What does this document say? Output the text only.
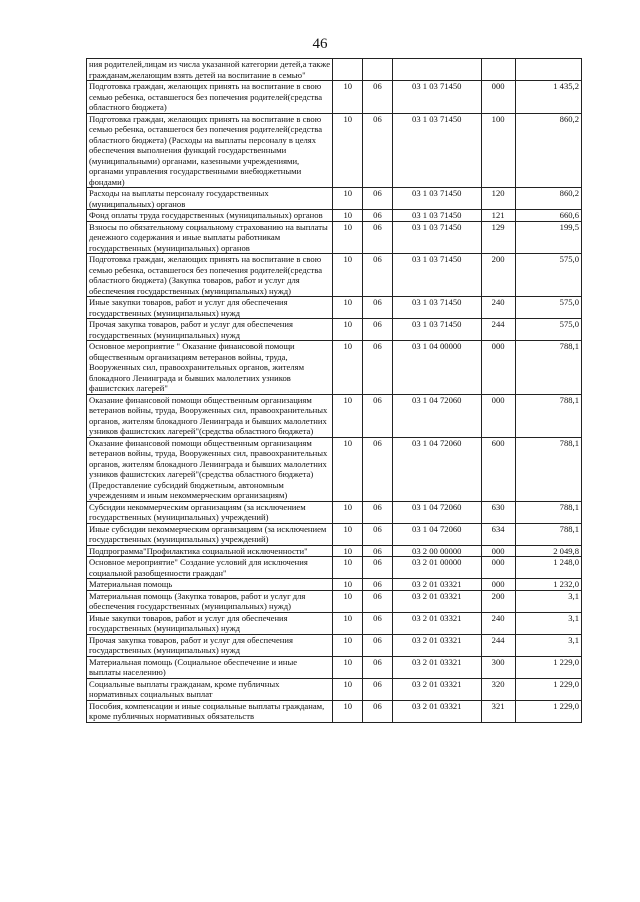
46
ния родителей,лицам из числа указанной категории детей,а также гражданам,желающим взять детей на воспитание в семью"					
Подготовка граждан, желающих принять на воспитание в свою семью ребенка, оставшегося без попечения родителей(средства областного бюджета)	10	06	03 1 03 71450	000	1 435,2
Подготовка граждан, желающих принять на воспитание в свою семью ребенка, оставшегося без попечения родителей(средства областного бюджета) (Расходы на выплаты персоналу в целях обеспечения выполнения функций государственными (муниципальными) органами, казенными учреждениями, органами управления государственными внебюджетными фондами)	10	06	03 1 03 71450	100	860,2
Расходы на выплаты персоналу государственных (муниципальных) органов	10	06	03 1 03 71450	120	860,2
Фонд оплаты труда государственных (муниципальных) органов	10	06	03 1 03 71450	121	660,6
Взносы по обязательному социальному страхованию на выплаты денежного содержания и иные выплаты работникам государственных (муниципальных) органов	10	06	03 1 03 71450	129	199,5
Подготовка граждан, желающих принять на воспитание в свою семью ребенка, оставшегося без попечения родителей(средства областного бюджета) (Закупка товаров, работ и услуг для обеспечения государственных (муниципальных) нужд)	10	06	03 1 03 71450	200	575,0
Иные закупки товаров, работ и услуг для обеспечения государственных (муниципальных) нужд	10	06	03 1 03 71450	240	575,0
Прочая закупка товаров, работ и услуг для обеспечения государственных (муниципальных) нужд	10	06	03 1 03 71450	244	575,0
Основное мероприятие " Оказание финансовой помощи общественным организациям ветеранов войны, труда, Вооруженных сил, правоохранительных органов, жителям блокадного Ленинграда и бывших малолетних узников фашистских лагерей"	10	06	03 1 04 00000	000	788,1
Оказание финансовой помощи общественным организациям ветеранов войны, труда, Вооруженных сил, правоохранительных органов, жителям блокадного Ленинграда и бывших малолетних узников фашистских лагерей"(средства областного бюджета)	10	06	03 1 04 72060	000	788,1
Оказание финансовой помощи общественным организациям ветеранов войны, труда, Вооруженных сил, правоохранительных органов, жителям блокадного Ленинграда и бывших малолетних узников фашистских лагерей"(средства областного бюджета) (Предоставление субсидий бюджетным, автономным учреждениям и иным некоммерческим организациям)	10	06	03 1 04 72060	600	788,1
Субсидии некоммерческим организациям (за исключением государственных (муниципальных) учреждений)	10	06	03 1 04 72060	630	788,1
Иные субсидии некоммерческим организациям (за исключением государственных (муниципальных) учреждений)	10	06	03 1 04 72060	634	788,1
Подпрограмма"Профилактика социальной исключенности"	10	06	03 2 00 00000	000	2 049,8
Основное мероприятие" Создание условий для исключения социальной разобщенности граждан"	10	06	03 2 01 00000	000	1 248,0
Материальная помощь	10	06	03 2 01 03321	000	1 232,0
Материальная помощь (Закупка товаров, работ и услуг для обеспечения государственных (муниципальных) нужд)	10	06	03 2 01 03321	200	3,1
Иные закупки товаров, работ и услуг для обеспечения государственных (муниципальных) нужд	10	06	03 2 01 03321	240	3,1
Прочая закупка товаров, работ и услуг для обеспечения государственных (муниципальных) нужд	10	06	03 2 01 03321	244	3,1
Материальная помощь (Социальное обеспечение и иные выплаты населению)	10	06	03 2 01 03321	300	1 229,0
Социальные выплаты гражданам, кроме публичных нормативных социальных выплат	10	06	03 2 01 03321	320	1 229,0
Пособия, компенсации и иные социальные выплаты гражданам, кроме публичных нормативных обязательств	10	06	03 2 01 03321	321	1 229,0
